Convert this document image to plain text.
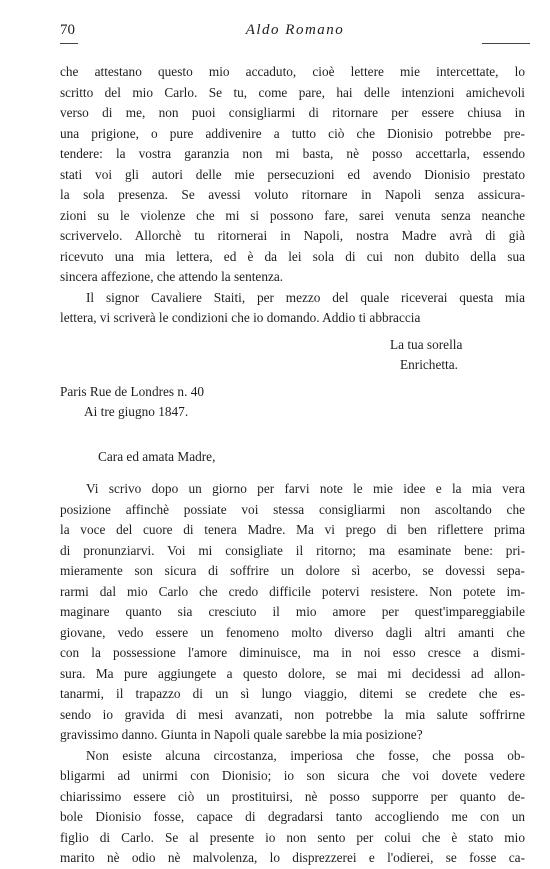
70	Aldo Romano
che attestano questo mio accaduto, cioè lettere mie intercettate, lo
scritto del mio Carlo. Se tu, come pare, hai delle intenzioni amichevoli
verso di me, non puoi consigliarmi di ritornare per essere chiusa in
una prigione, o pure addivenire a tutto ciò che Dionisio potrebbe pre-
tendere: la vostra garanzia non mi basta, nè posso accettarla, essendo
stati voi gli autori delle mie persecuzioni ed avendo Dionisio prestato
la sola presenza. Se avessi voluto ritornare in Napoli senza assicura-
zioni su le violenze che mi si possono fare, sarei venuta senza neanche
scrivervelo. Allorchè tu ritornerai in Napoli, nostra Madre avrà di già
ricevuto una mia lettera, ed è da lei sola di cui non dubito della sua
sincera affezione, che attendo la sentenza.
Il signor Cavaliere Staiti, per mezzo del quale riceverai questa mia
lettera, vi scriverà le condizioni che io domando. Addio ti abbraccia
La tua sorella
Enrichetta.
Paris Rue de Londres n. 40
Ai tre giugno 1847.
Cara ed amata Madre,
Vi scrivo dopo un giorno per farvi note le mie idee e la mia vera
posizione affinchè possiate voi stessa consigliarmi non ascoltando che
la voce del cuore di tenera Madre. Ma vi prego di ben riflettere prima
di pronunziarvi. Voi mi consigliate il ritorno; ma esaminate bene: pri-
mieramente son sicura di soffrire un dolore sì acerbo, se dovessi sepa-
rarmi dal mio Carlo che credo difficile potervi resistere. Non potete im-
maginare quanto sia cresciuto il mio amore per quest'impareggiabile
giovane, vedo essere un fenomeno molto diverso dagli altri amanti che
con la possessione l'amore diminuisce, ma in noi esso cresce a dismi-
sura. Ma pure aggiungete a questo dolore, se mai mi decidessi ad allon-
tanarmi, il trapazzo di un sì lungo viaggio, ditemi se credete che es-
sendo io gravida di mesi avanzati, non potrebbe la mia salute soffrirne
gravissimo danno. Giunta in Napoli quale sarebbe la mia posizione?
Non esiste alcuna circostanza, imperiosa che fosse, che possa ob-
bligarmi ad unirmi con Dionisio; io son sicura che voi dovete vedere
chiarissimo essere ciò un prostituirsi, nè posso supporre per quanto de-
bole Dionisio fosse, capace di degradarsi tanto accogliendo me con un
figlio di Carlo. Se al presente io non sento per colui che è stato mio
marito nè odio nè malvolenza, lo disprezzerei e l'odierei, se fosse ca-
